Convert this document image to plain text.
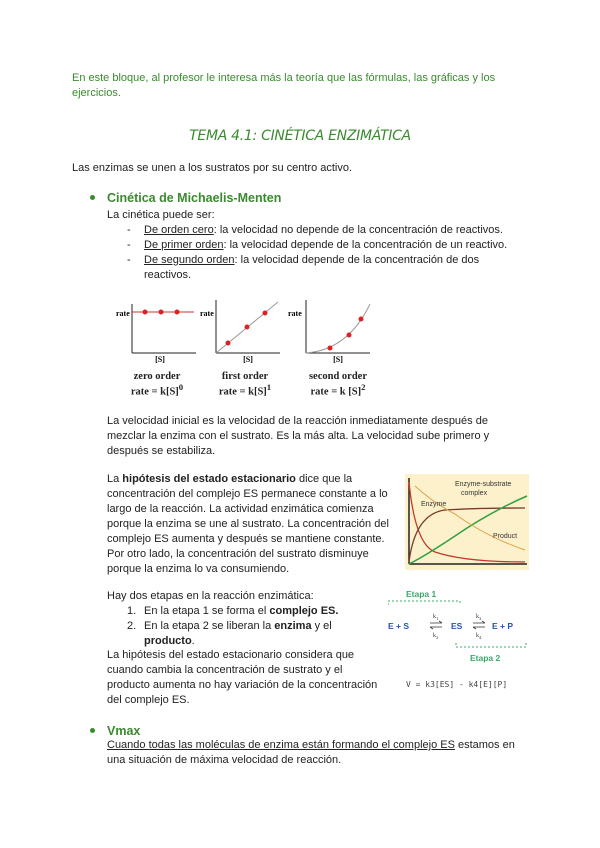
En este bloque, al profesor le interesa más la teoría que las fórmulas, las gráficas y los ejercicios.
TEMA 4.1: CINÉTICA ENZIMÁTICA
Las enzimas se unen a los sustratos por su centro activo.
Cinética de Michaelis-Menten
La cinética puede ser:
- De orden cero: la velocidad no depende de la concentración de reactivos.
- De primer orden: la velocidad depende de la concentración de un reactivo.
- De segundo orden: la velocidad depende de la concentración de dos
reactivos.
rate
[S]
rate
[S]
rate
[S]
zero order
rate = $k[S]^0$
first order
rate = $k[S]^1$
second order
rate = k $[S]^2$
La velocidad inicial es la velocidad de la reacción inmediatamente después de
mezclar la enzima con el sustrato. Es la más alta. La velocidad sube primero y
después se estabiliza.
La hipótesis del estado estacionario dice que la
concentración del complejo ES permanece constante a lo
largo de la reacción. La actividad enzimática comienza
porque la enzima se une al sustrato. La concentración del
complejo ES aumenta y después se mantiene constante.
Por otro lado, la concentración del sustrato disminuye
porque la enzima lo va consumiendo.
Enzyme-substrate
complex
Enzyme
Product
Hay dos etapas en la reacción enzimática:
1. En la etapa 1 se forma el complejo ES.
2. En la etapa 2 se liberan la enzima y el
producto.
Etapa 1
E + S
$k_1$
$k_2$
ES
$k_3$
$k_4$
E + P
Etapa 2
V = k3[ES] - k4[E][P]
La hipótesis del estado estacionario considera que
cuando cambia la concentración de sustrato y el
producto aumenta no hay variación de la concentración
del complejo ES.
Vmax
Cuando todas las moléculas de enzima están formando el complejo ES estamos en
una situación de máxima velocidad de reacción.
